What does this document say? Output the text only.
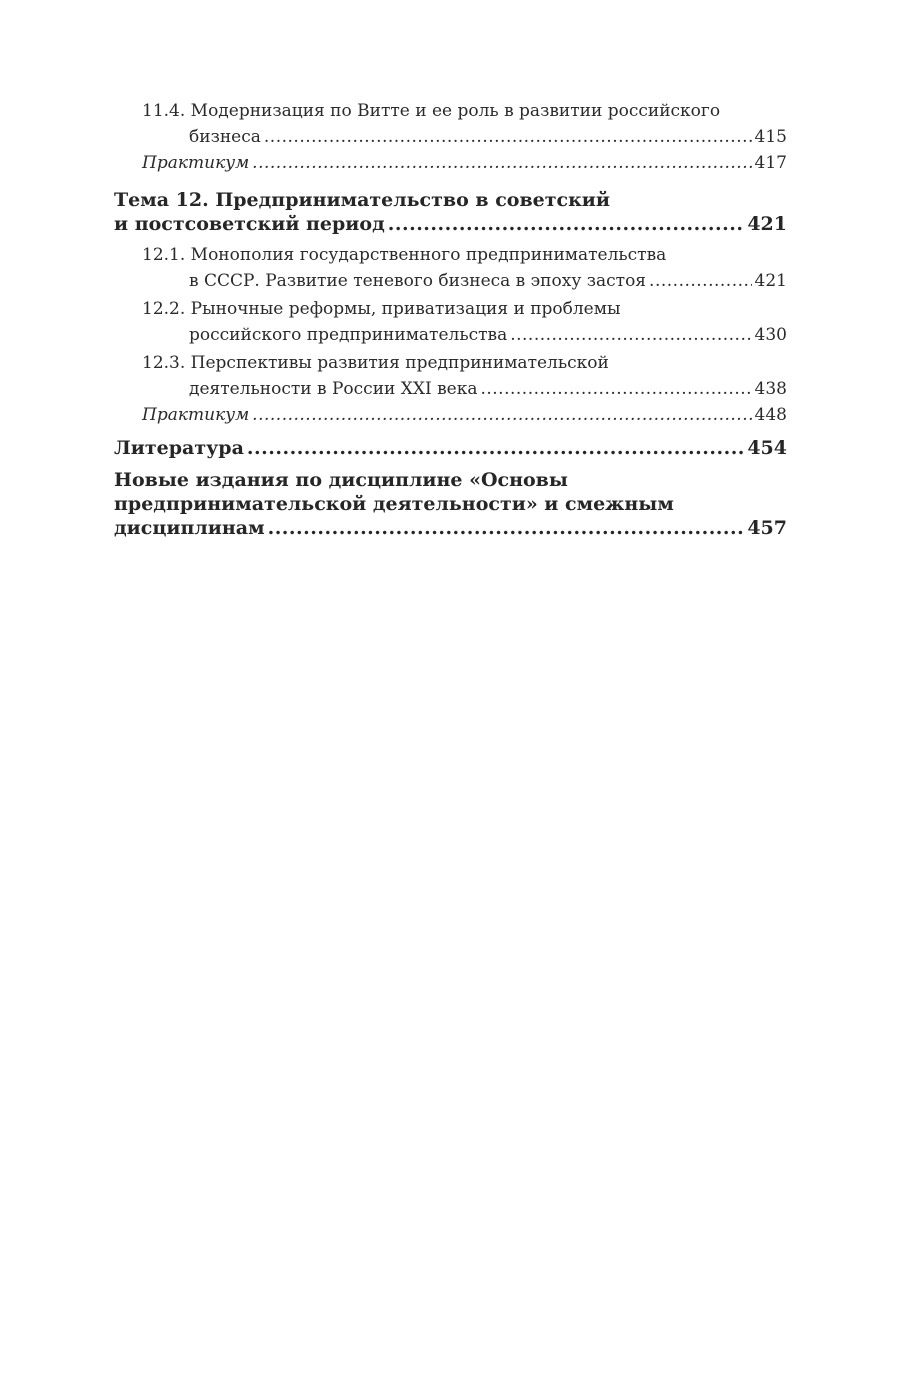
11.4. Модернизация по Витте и ее роль в развитии российского
бизнеса .....	415
Практикум .....	417
Тема 12. Предпринимательство в советский
и постсоветский период .....	421
12.1. Монополия государственного предпринимательства
в СССР. Развитие теневого бизнеса в эпоху застоя .....	421
12.2. Рыночные реформы, приватизация и проблемы
российского предпринимательства .....	430
12.3. Перспективы развития предпринимательской
деятельности в России XXI века .....	438
Практикум .....	448
Литература .....	454
Новые издания по дисциплине «Основы
предпринимательской деятельности» и смежным
дисциплинам .....	457
